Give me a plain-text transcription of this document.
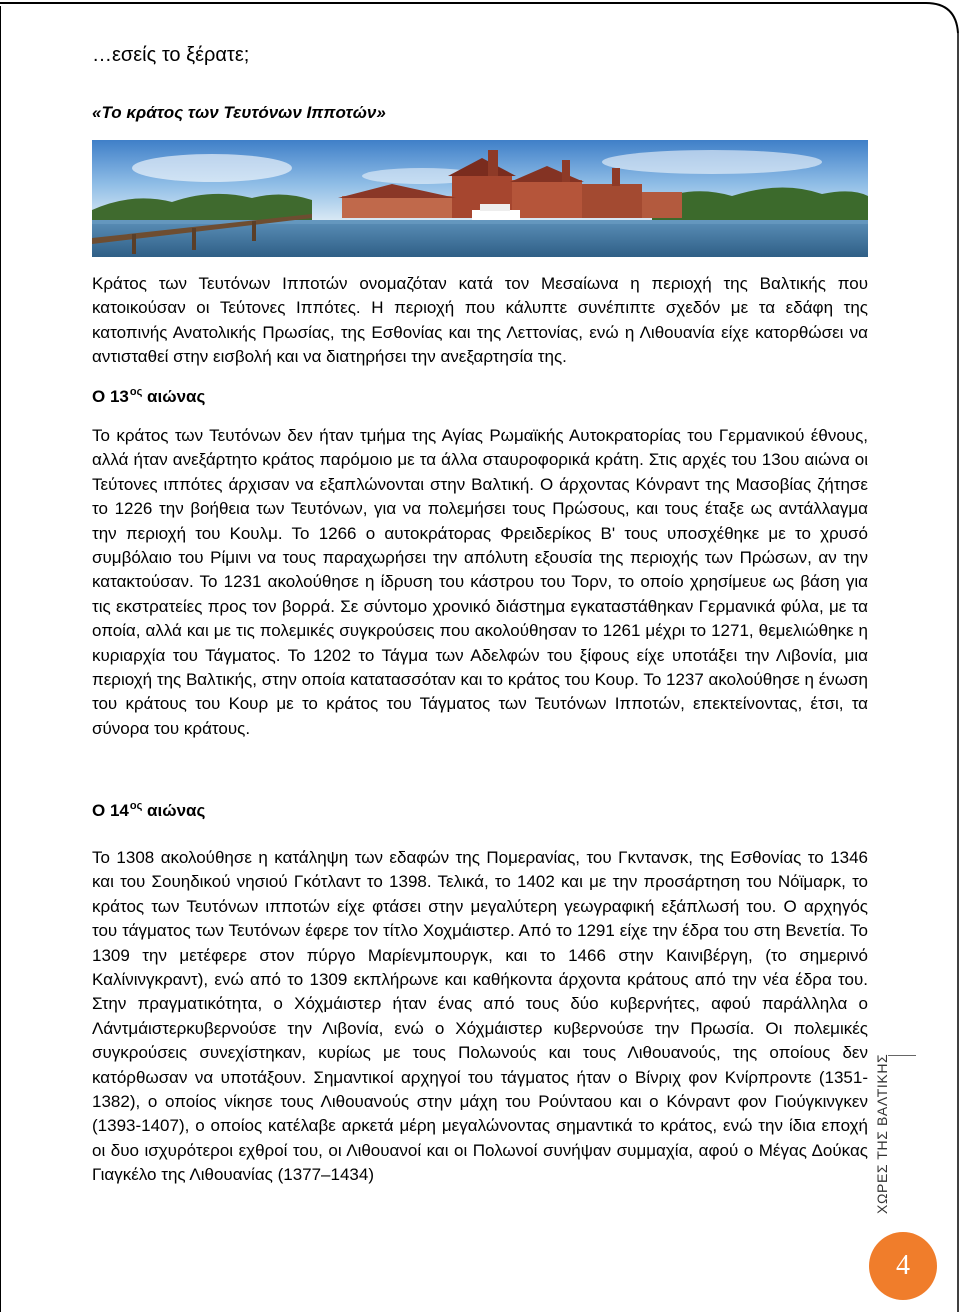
…εσείς το ξέρατε;
«Το κράτος των Τευτόνων Ιπποτών»
Κράτος των Τευτόνων Ιπποτών ονομαζόταν κατά τον Μεσαίωνα η περιοχή της Βαλτικής που κατοικούσαν οι Τεύτονες Ιππότες. Η περιοχή που κάλυπτε συνέπιπτε σχεδόν με τα εδάφη της κατοπινής Ανατολικής Πρωσίας, της Εσθονίας και της Λεττονίας, ενώ η Λιθουανία είχε κατορθώσει να αντισταθεί στην εισβολή και να διατηρήσει την ανεξαρτησία της.
Ο $13^{o\varsigma}$ αιώνας
Το κράτος των Τευτόνων δεν ήταν τμήμα της Αγίας Ρωμαϊκής Αυτοκρατορίας του Γερμανικού έθνους, αλλά ήταν ανεξάρτητο κράτος παρόμοιο με τα άλλα σταυροφορικά κράτη. Στις αρχές του 13ου αιώνα οι Τεύτονες ιππότες άρχισαν να εξαπλώνονται στην Βαλτική. Ο άρχοντας Κόνραντ της Μασοβίας ζήτησε το 1226 την βοήθεια των Τευτόνων, για να πολεμήσει τους Πρώσους, και τους έταξε ως αντάλλαγμα την περιοχή του Κουλμ. Το 1266 ο αυτοκράτορας Φρειδερίκος Β' τους υποσχέθηκε με το χρυσό συμβόλαιο του Ρίμινι να τους παραχωρήσει την απόλυτη εξουσία της περιοχής των Πρώσων, αν την κατακτούσαν. Το 1231 ακολούθησε η ίδρυση του κάστρου του Τορν, το οποίο χρησίμευε ως βάση για τις εκστρατείες προς τον βορρά. Σε σύντομο χρονικό διάστημα εγκαταστάθηκαν Γερμανικά φύλα, με τα οποία, αλλά και με τις πολεμικές συγκρούσεις που ακολούθησαν το 1261 μέχρι το 1271, θεμελιώθηκε η κυριαρχία του Τάγματος. Το 1202 το Τάγμα των Αδελφών του ξίφους είχε υποτάξει την Λιβονία, μια περιοχή της Βαλτικής, στην οποία κατατασσόταν και το κράτος του Κουρ. Το 1237 ακολούθησε η ένωση του κράτους του Κουρ με το κράτος του Τάγματος των Τευτόνων Ιπποτών, επεκτείνοντας, έτσι, τα σύνορα του κράτους.
Ο $14^{o\varsigma}$ αιώνας
Το 1308 ακολούθησε η κατάληψη των εδαφών της Πομερανίας, του Γκντανσκ, της Εσθονίας το 1346 και του Σουηδικού νησιού Γκότλαντ το 1398. Τελικά, το 1402 και με την προσάρτηση του Νόϊμαρκ, το κράτος των Τευτόνων ιπποτών είχε φτάσει στην μεγαλύτερη γεωγραφική εξάπλωσή του. Ο αρχηγός του τάγματος των Τευτόνων έφερε τον τίτλο Χοχμάιστερ. Από το 1291 είχε την έδρα του στη Βενετία. Το 1309 την μετέφερε στον πύργο Μαρίενμπουργκ, και το 1466 στην Καινιβέργη, (το σημερινό Καλίνινγκραντ), ενώ από το 1309 εκπλήρωνε και καθήκοντα άρχοντα κράτους από την νέα έδρα του. Στην πραγματικότητα, ο Χόχμάιστερ ήταν ένας από τους δύο κυβερνήτες, αφού παράλληλα ο Λάντμάιστερκυβερνούσε την Λιβονία, ενώ ο Χόχμάιστερ κυβερνούσε την Πρωσία. Οι πολεμικές συγκρούσεις συνεχίστηκαν, κυρίως με τους Πολωνούς και τους Λιθουανούς, της οποίους δεν κατόρθωσαν να υποτάξουν. Σημαντικοί αρχηγοί του τάγματος ήταν ο Βίνριχ φον Κνίρπροντε (1351-1382), ο οποίος νίκησε τους Λιθουανούς στην μάχη του Ρούνταου και ο Κόνραντ φον Γιούγκινγκεν (1393-1407), ο οποίος κατέλαβε αρκετά μέρη μεγαλώνοντας σημαντικά το κράτος, ενώ την ίδια εποχή οι δυο ισχυρότεροι εχθροί του, οι Λιθουανοί και οι Πολωνοί συνήψαν συμμαχία, αφού ο Μέγας Δούκας Γιαγκέλο της Λιθουανίας (1377–1434)	ΧΩΡΕΣ ΤΗΣ ΒΑΛΤΙΚΗΣ
4
